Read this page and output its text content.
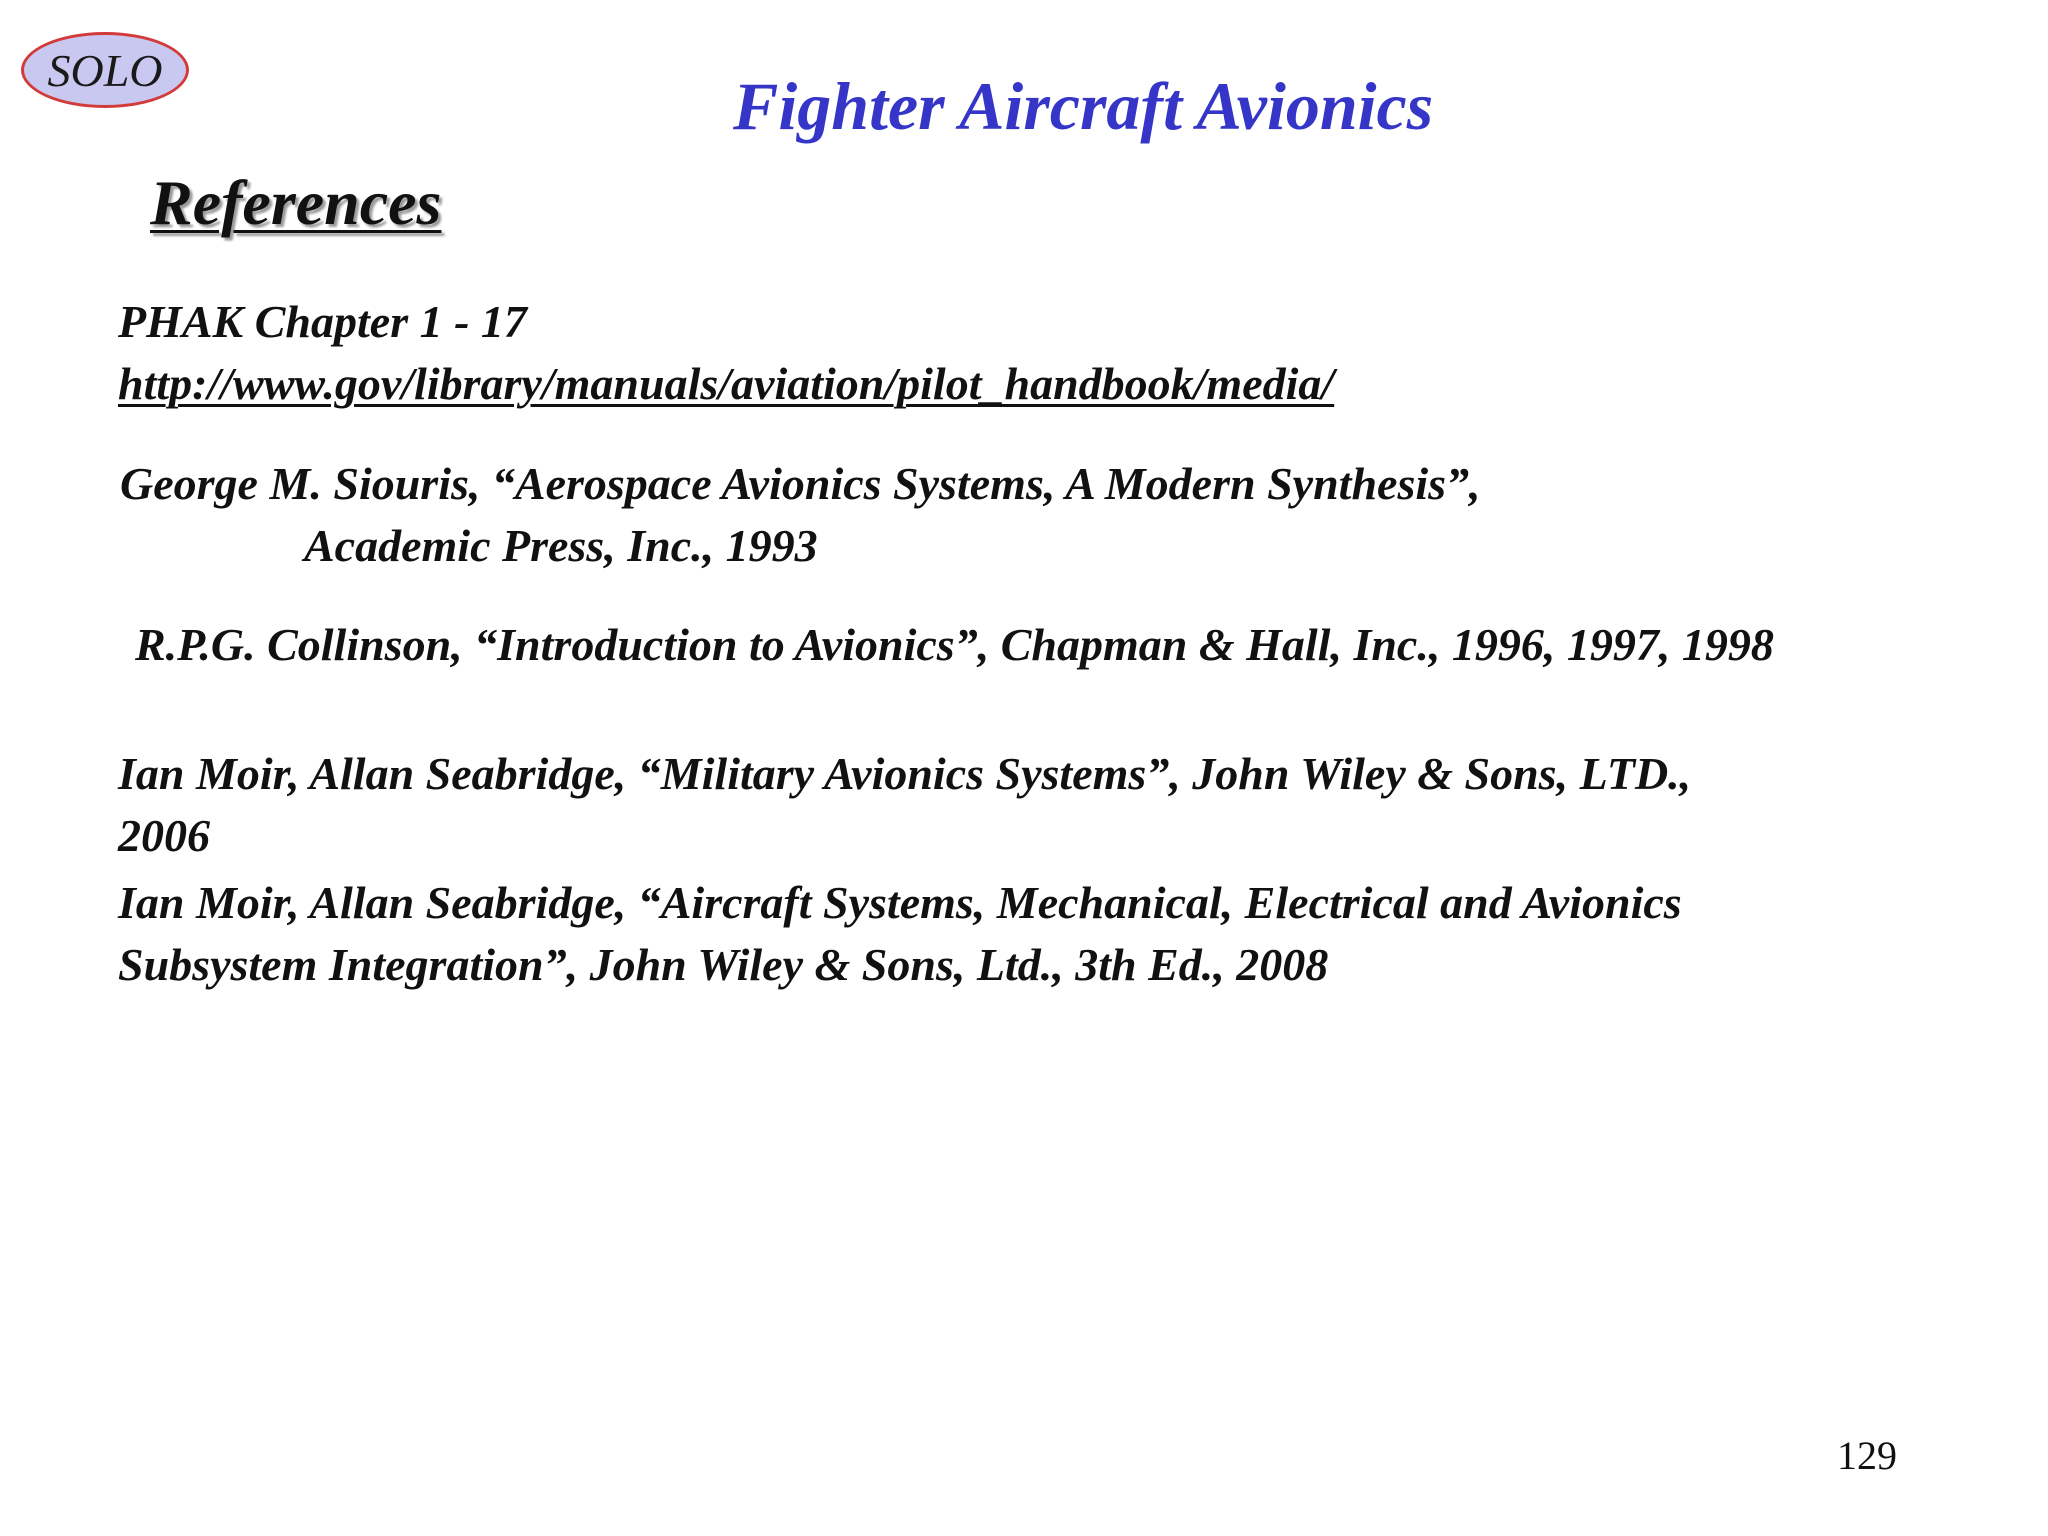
SOLO	Fighter Aircraft Avionics
References
PHAK Chapter 1 - 17
http://www.gov/library/manuals/aviation/pilot_handbook/media/
George M. Siouris, “Aerospace Avionics Systems, A Modern Synthesis”,
Academic Press, Inc., 1993
R.P.G. Collinson, “Introduction to Avionics”, Chapman & Hall, Inc., 1996, 1997, 1998
Ian Moir, Allan Seabridge, “Military Avionics Systems”, John Wiley & Sons, LTD.,
2006
Ian Moir, Allan Seabridge, “Aircraft Systems, Mechanical, Electrical and Avionics
Subsystem Integration”, John Wiley & Sons, Ltd., 3th Ed., 2008
129
